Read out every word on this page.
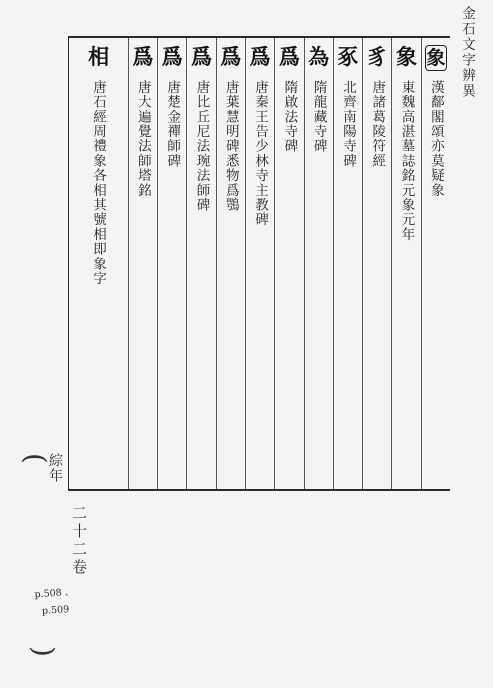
金石文字辨異
象
漢鄐閣頌亦莫疑象
象
東魏高湛墓誌銘元象元年
豸
唐諸葛陵符經
豖
北齊南陽寺碑
為
隋龍藏寺碑
爲
隋啟法寺碑
爲
唐秦王告少林寺主教碑
爲
唐葉慧明碑悉物爲鶚
爲
唐比丘尼法琬法師碑
爲
唐楚金禪師碑
爲
唐大遍覺法師塔銘
相
唐石經周禮象各相其號相即象字
(
綜年
二十二卷
p.508 、 p.509
)
